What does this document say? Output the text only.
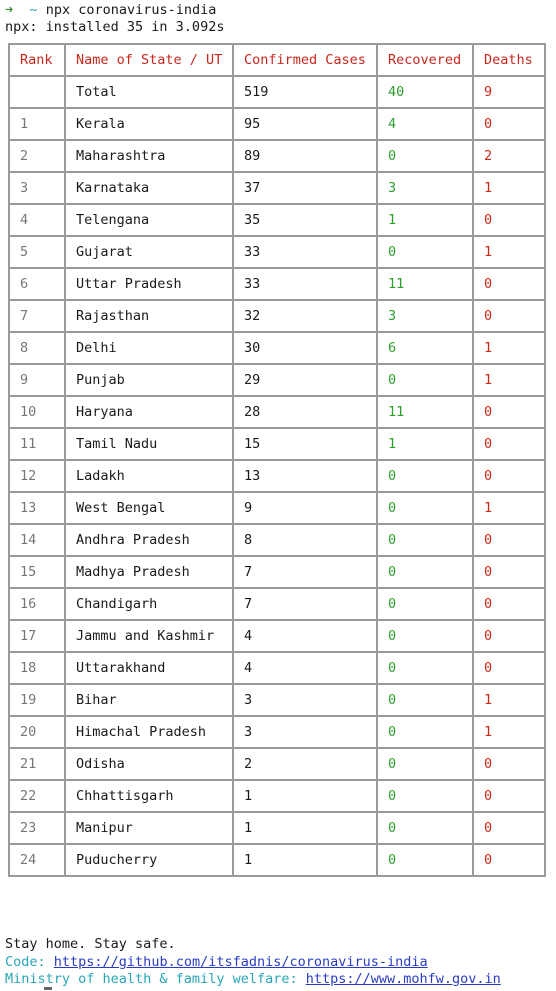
➜ ~ npx coronavirus-india
npx: installed 35 in 3.092s
Rank	Name of State / UT	Confirmed Cases	Recovered	Deaths
	Total	519	40	9
1	Kerala	95	4	0
2	Maharashtra	89	0	2
3	Karnataka	37	3	1
4	Telengana	35	1	0
5	Gujarat	33	0	1
6	Uttar Pradesh	33	11	0
7	Rajasthan	32	3	0
8	Delhi	30	6	1
9	Punjab	29	0	1
10	Haryana	28	11	0
11	Tamil Nadu	15	1	0
12	Ladakh	13	0	0
13	West Bengal	9	0	1
14	Andhra Pradesh	8	0	0
15	Madhya Pradesh	7	0	0
16	Chandigarh	7	0	0
17	Jammu and Kashmir	4	0	0
18	Uttarakhand	4	0	0
19	Bihar	3	0	1
20	Himachal Pradesh	3	0	1
21	Odisha	2	0	0
22	Chhattisgarh	1	0	0
23	Manipur	1	0	0
24	Puducherry	1	0	0
Stay home. Stay safe.
Code: https://github.com/itsfadnis/coronavirus-india
Ministry of health & family welfare: https://www.mohfw.gov.in
